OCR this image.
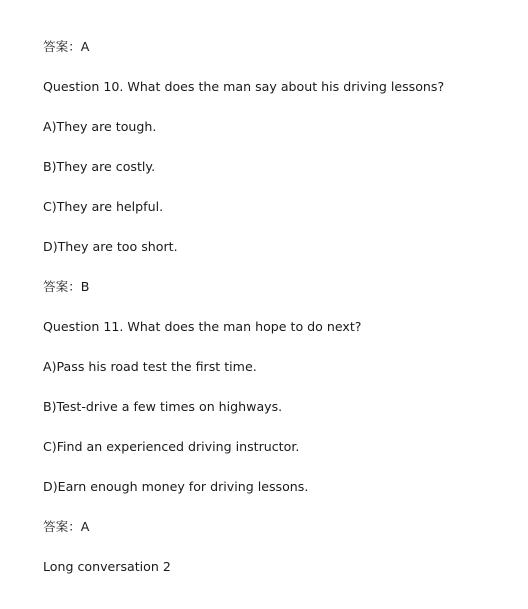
答案：A
Question 10. What does the man say about his driving lessons?
A)They are tough.
B)They are costly.
C)They are helpful.
D)They are too short.
答案：B
Question 11. What does the man hope to do next?
A)Pass his road test the first time.
B)Test-drive a few times on highways.
C)Find an experienced driving instructor.
D)Earn enough money for driving lessons.
答案：A
Long conversation 2
